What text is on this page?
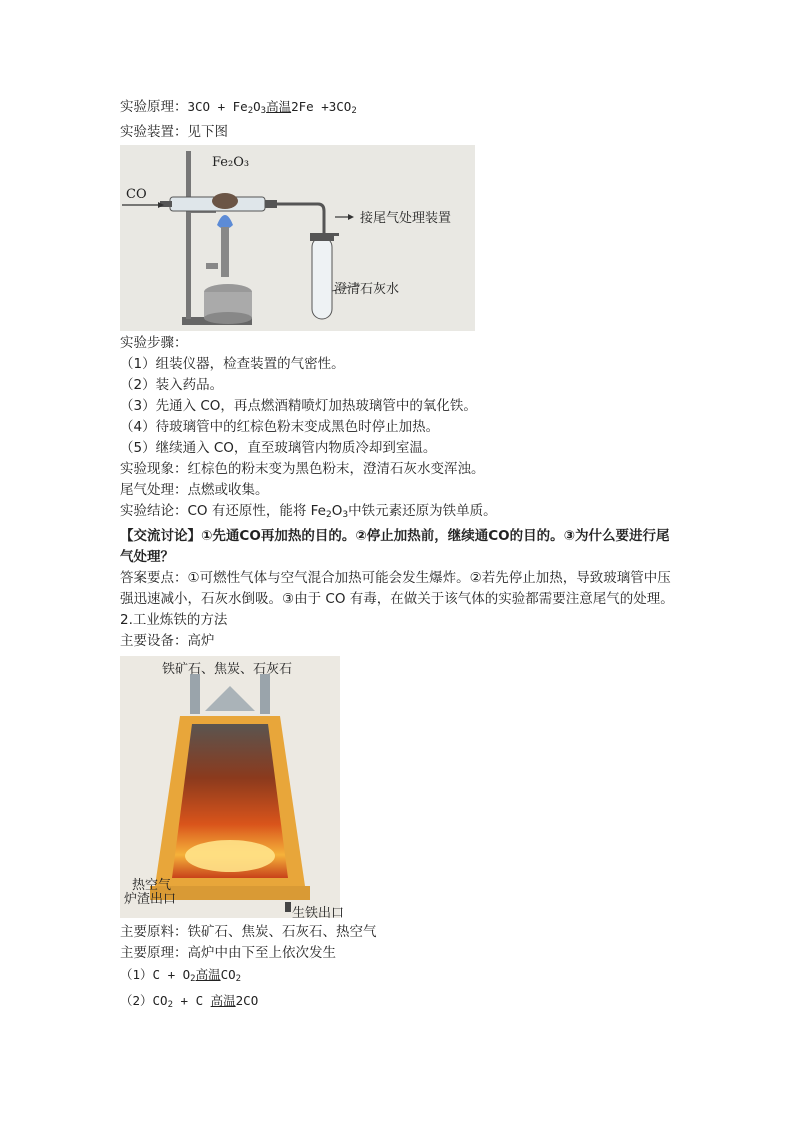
实验原理：$3CO + Fe_2O_3$高温$2Fe +3CO_2$
实验装置：见下图
CO
Fe₂O₃
接尾气处理装置
澄清石灰水
实验步骤：
（1）组装仪器，检查装置的气密性。
（2）装入药品。
（3）先通入 CO，再点燃酒精喷灯加热玻璃管中的氧化铁。
（4）待玻璃管中的红棕色粉末变成黑色时停止加热。
（5）继续通入 CO，直至玻璃管内物质冷却到室温。
实验现象：红棕色的粉末变为黑色粉末，澄清石灰水变浑浊。
尾气处理：点燃或收集。
实验结论：CO 有还原性，能将 $Fe_2O_3$中铁元素还原为铁单质。
【交流讨论】①先通CO再加热的目的。②停止加热前，继续通CO的目的。③为什么要进行尾气处理？
答案要点：①可燃性气体与空气混合加热可能会发生爆炸。②若先停止加热，导致玻璃管中压强迅速减小，石灰水倒吸。③由于 CO 有毒，在做关于该气体的实验都需要注意尾气的处理。
2.工业炼铁的方法
主要设备：高炉
铁矿石、焦炭、石灰石
热空气
炉渣出口
生铁出口
主要原料：铁矿石、焦炭、石灰石、热空气
主要原理：高炉中由下至上依次发生
$(1)C + O_2$高温$CO_2$
$(2)CO_2 + C$ 高温2CO
